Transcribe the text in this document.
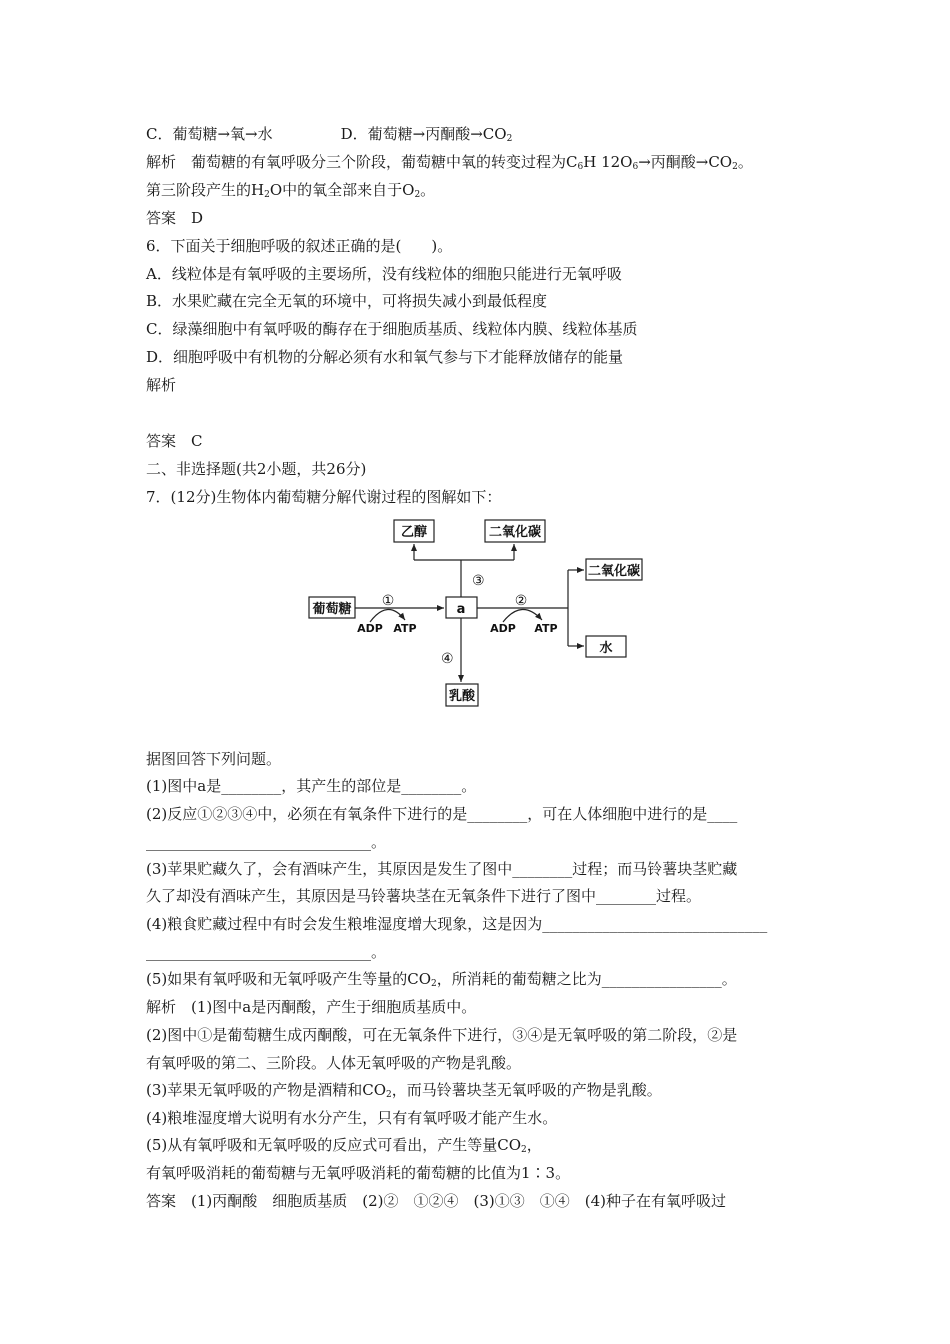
C．葡萄糖→氧→水	D．葡萄糖→丙酮酸$\to CO_2$
解析　葡萄糖的有氧呼吸分三个阶段，葡萄糖中氧的转变过程为$C_6H$ $12O_6\to$丙酮酸$\to CO_2$。
第三阶段产生的$H_2O$中的氧全部来自于$O_2$。
答案　D
6．下面关于细胞呼吸的叙述正确的是(　　)。
A．线粒体是有氧呼吸的主要场所，没有线粒体的细胞只能进行无氧呼吸
B．水果贮藏在完全无氧的环境中，可将损失减小到最低程度
C．绿藻细胞中有氧呼吸的酶存在于细胞质基质、线粒体内膜、线粒体基质
D．细胞呼吸中有机物的分解必须有水和氧气参与下才能释放储存的能量
解析
答案　C
二、非选择题(共2小题，共26分)
7．(12分)生物体内葡萄糖分解代谢过程的图解如下：
葡萄糖	a
乙醇	二氧化碳
二氧化碳
水
乳酸
①	②
③
④
ADP ATP	ADP ATP
据图回答下列问题。
(1)图中a是________，其产生的部位是________。
(2)反应①②③④中，必须在有氧条件下进行的是________，可在人体细胞中进行的是____
______________________________。
(3)苹果贮藏久了，会有酒味产生，其原因是发生了图中________过程；而马铃薯块茎贮藏
久了却没有酒味产生，其原因是马铃薯块茎在无氧条件下进行了图中________过程。
(4)粮食贮藏过程中有时会发生粮堆湿度增大现象，这是因为______________________________
______________________________。
(5)如果有氧呼吸和无氧呼吸产生等量的$CO_2$，所消耗的葡萄糖之比为________________。
解析　(1)图中a是丙酮酸，产生于细胞质基质中。
(2)图中①是葡萄糖生成丙酮酸，可在无氧条件下进行，③④是无氧呼吸的第二阶段，②是
有氧呼吸的第二、三阶段。人体无氧呼吸的产物是乳酸。
(3)苹果无氧呼吸的产物是酒精和$CO_2$，而马铃薯块茎无氧呼吸的产物是乳酸。
(4)粮堆湿度增大说明有水分产生，只有有氧呼吸才能产生水。
(5)从有氧呼吸和无氧呼吸的反应式可看出，产生等量$CO_2$，
有氧呼吸消耗的葡萄糖与无氧呼吸消耗的葡萄糖的比值为1∶3。
答案　(1)丙酮酸　细胞质基质　(2)②　①②④　(3)①③　①④　(4)种子在有氧呼吸过
